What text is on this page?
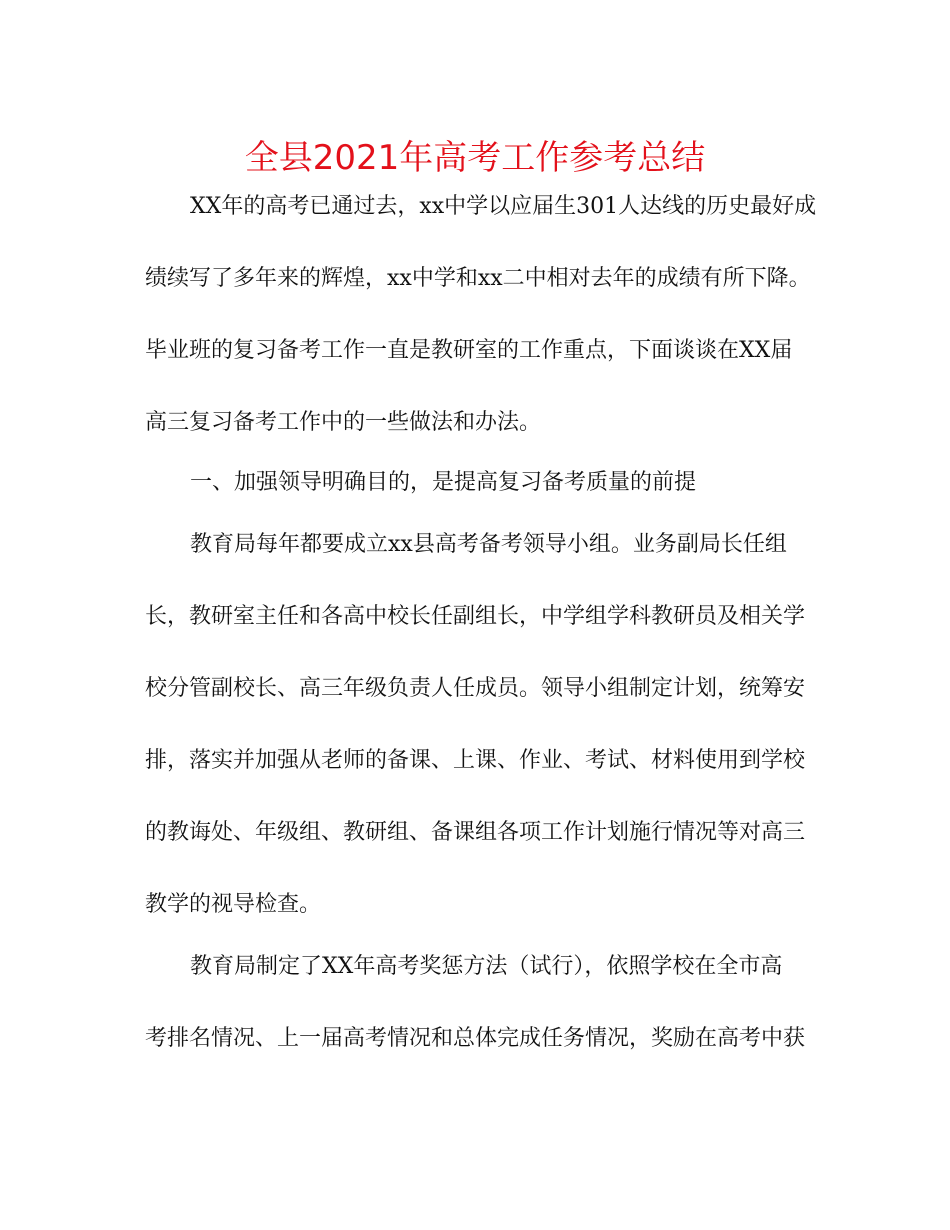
全县2021年高考工作参考总结
XX年的高考已通过去，xx中学以应届生301人达线的历史最好成
绩续写了多年来的辉煌，xx中学和xx二中相对去年的成绩有所下降。
毕业班的复习备考工作一直是教研室的工作重点，下面谈谈在XX届
高三复习备考工作中的一些做法和办法。
一、加强领导明确目的，是提高复习备考质量的前提
教育局每年都要成立xx县高考备考领导小组。业务副局长任组
长，教研室主任和各高中校长任副组长，中学组学科教研员及相关学
校分管副校长、高三年级负责人任成员。领导小组制定计划，统筹安
排，落实并加强从老师的备课、上课、作业、考试、材料使用到学校
的教诲处、年级组、教研组、备课组各项工作计划施行情况等对高三
教学的视导检查。
教育局制定了XX年高考奖惩方法（试行），依照学校在全市高
考排名情况、上一届高考情况和总体完成任务情况，奖励在高考中获
